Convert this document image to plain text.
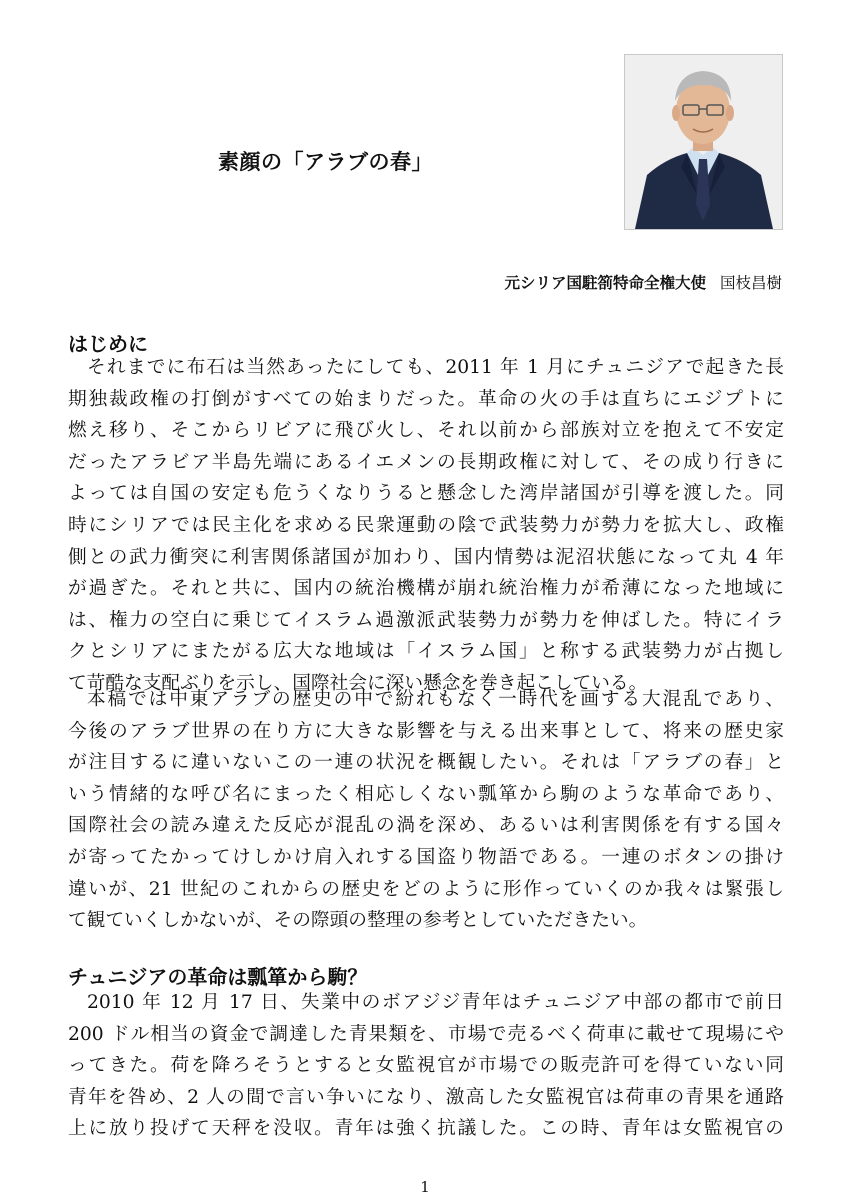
素顔の「アラブの春」
元シリア国駐箚特命全権大使 国枝昌樹
はじめに
それまでに布石は当然あったにしても、2011 年 1 月にチュニジアで起きた長
期独裁政権の打倒がすべての始まりだった。革命の火の手は直ちにエジプトに
燃え移り、そこからリビアに飛び火し、それ以前から部族対立を抱えて不安定
だったアラビア半島先端にあるイエメンの長期政権に対して、その成り行きに
よっては自国の安定も危うくなりうると懸念した湾岸諸国が引導を渡した。同
時にシリアでは民主化を求める民衆運動の陰で武装勢力が勢力を拡大し、政権
側との武力衝突に利害関係諸国が加わり、国内情勢は泥沼状態になって丸 4 年
が過ぎた。それと共に、国内の統治機構が崩れ統治権力が希薄になった地域に
は、権力の空白に乗じてイスラム過激派武装勢力が勢力を伸ばした。特にイラ
クとシリアにまたがる広大な地域は「イスラム国」と称する武装勢力が占拠し
て苛酷な支配ぶりを示し、国際社会に深い懸念を巻き起こしている。
本稿では中東アラブの歴史の中で紛れもなく一時代を画する大混乱であり、
今後のアラブ世界の在り方に大きな影響を与える出来事として、将来の歴史家
が注目するに違いないこの一連の状況を概観したい。それは「アラブの春」と
いう情緒的な呼び名にまったく相応しくない瓢箪から駒のような革命であり、
国際社会の読み違えた反応が混乱の渦を深め、あるいは利害関係を有する国々
が寄ってたかってけしかけ肩入れする国盗り物語である。一連のボタンの掛け
違いが、21 世紀のこれからの歴史をどのように形作っていくのか我々は緊張し
て観ていくしかないが、その際頭の整理の参考としていただきたい。
チュニジアの革命は瓢箪から駒？
2010 年 12 月 17 日、失業中のボアジジ青年はチュニジア中部の都市で前日
200 ドル相当の資金で調達した青果類を、市場で売るべく荷車に載せて現場にや
ってきた。荷を降ろそうとすると女監視官が市場での販売許可を得ていない同
青年を咎め、2 人の間で言い争いになり、激高した女監視官は荷車の青果を通路
上に放り投げて天秤を没収。青年は強く抗議した。この時、青年は女監視官の
1
